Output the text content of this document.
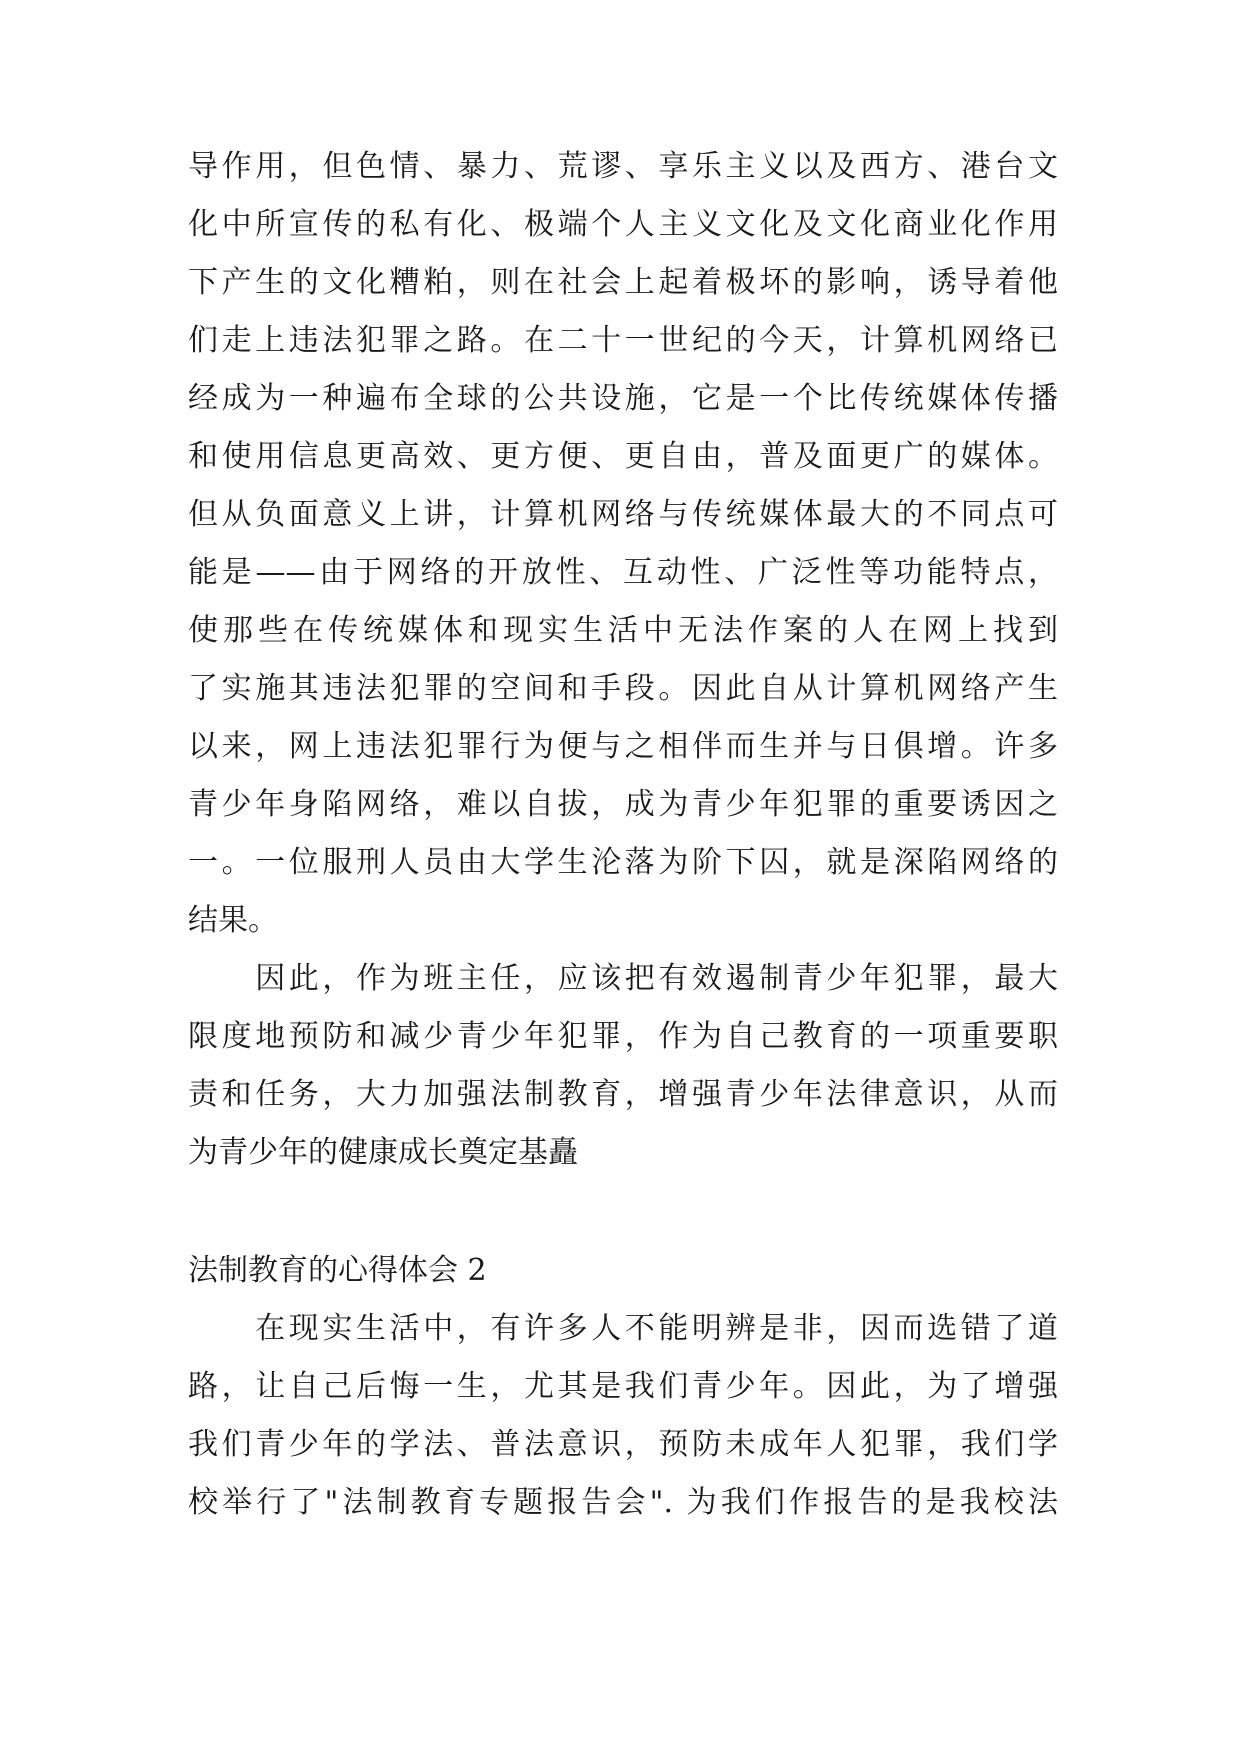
导作用，但色情、暴力、荒谬、享乐主义以及西方、港台文
化中所宣传的私有化、极端个人主义文化及文化商业化作用
下产生的文化糟粕，则在社会上起着极坏的影响，诱导着他
们走上违法犯罪之路。在二十一世纪的今天，计算机网络已
经成为一种遍布全球的公共设施，它是一个比传统媒体传播
和使用信息更高效、更方便、更自由，普及面更广的媒体。
但从负面意义上讲，计算机网络与传统媒体最大的不同点可
能是——由于网络的开放性、互动性、广泛性等功能特点，
使那些在传统媒体和现实生活中无法作案的人在网上找到
了实施其违法犯罪的空间和手段。因此自从计算机网络产生
以来，网上违法犯罪行为便与之相伴而生并与日俱增。许多
青少年身陷网络，难以自拔，成为青少年犯罪的重要诱因之
一。一位服刑人员由大学生沦落为阶下囚，就是深陷网络的
结果。
　　因此，作为班主任，应该把有效遏制青少年犯罪，最大
限度地预防和减少青少年犯罪，作为自己教育的一项重要职
责和任务，大力加强法制教育，增强青少年法律意识，从而
为青少年的健康成长奠定基矗
法制教育的心得体会 2
　　在现实生活中，有许多人不能明辨是非，因而选错了道
路，让自己后悔一生，尤其是我们青少年。因此，为了增强
我们青少年的学法、普法意识，预防未成年人犯罪，我们学
校举行了"法制教育专题报告会". 为我们作报告的是我校法
